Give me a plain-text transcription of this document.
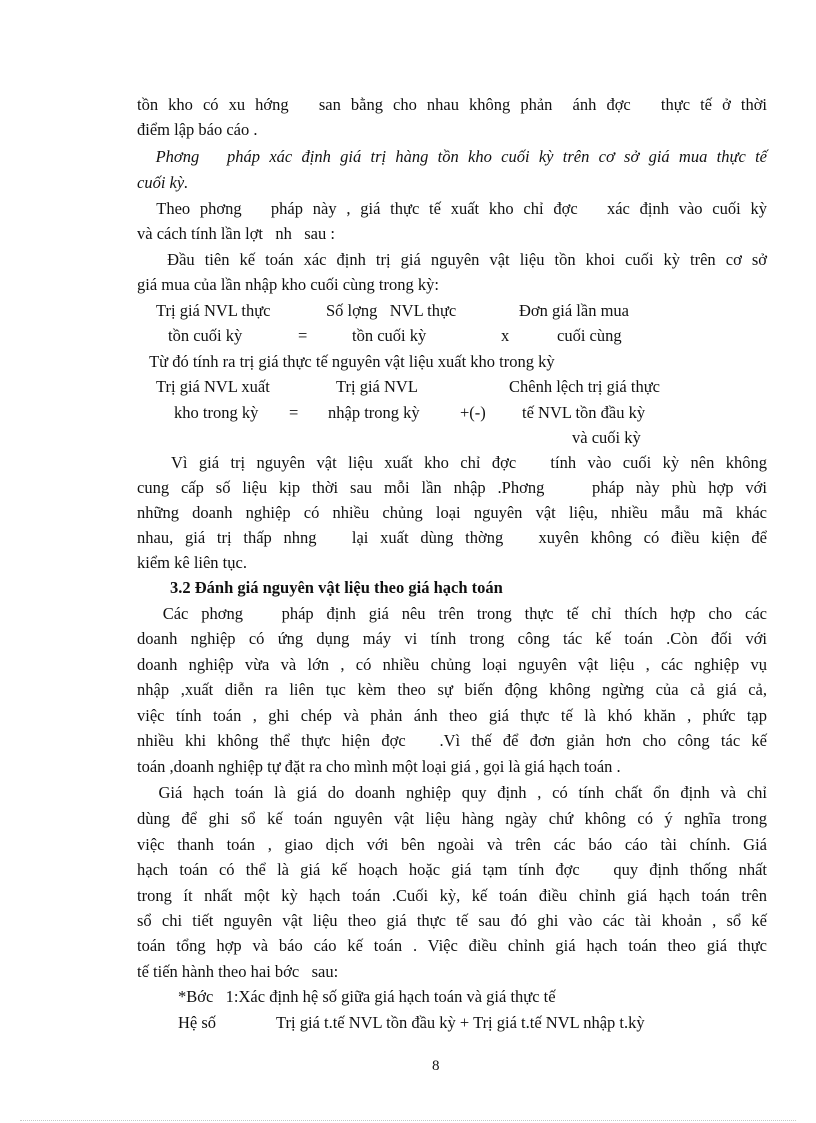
tồn kho có xu hớng   san bằng cho nhau không phản  ánh đợc   thực tế ở thời
điểm lập báo cáo .
Phơng   pháp xác định giá trị hàng tồn kho cuối kỳ trên cơ sở giá mua thực tế
cuối kỳ.
Theo phơng   pháp này , giá thực tế xuất kho chỉ đợc   xác định vào cuối kỳ
và cách tính lần lợt   nh   sau :
Đầu tiên kế toán xác định trị giá nguyên vật liệu tồn khoi cuối kỳ trên cơ sở
giá mua của lần nhập kho cuối cùng trong kỳ:

Trị giá NVL thực

	Số lợng   NVL thực

	Đơn giá lần mua

tồn cuối kỳ

	=

	tồn cuối kỳ

	x

	cuối cùng

Từ đó tính ra trị giá thực tế nguyên vật liệu xuất kho trong kỳ

Trị giá NVL xuất

	Trị giá NVL

	Chênh lệch trị giá thực

kho trong kỳ

=

nhập trong kỳ

+(-)

tế NVL tồn đầu kỳ

và cuối kỳ

Vì giá trị nguyên vật liệu xuất kho chỉ đợc   tính vào cuối kỳ nên không
cung cấp số liệu kịp thời sau mỗi lần nhập .Phơng    pháp này phù hợp với
những doanh nghiệp có nhiều chủng loại nguyên vật liệu, nhiều mẫu mã khác
nhau, giá trị thấp nhng   lại xuất dùng thờng   xuyên không có điều kiện để
kiểm kê liên tục.
3.2 Đánh giá nguyên vật liệu theo giá hạch toán
Các phơng   pháp định giá nêu trên trong thực tế chỉ thích hợp cho các
doanh nghiệp có ứng dụng máy vi tính trong công tác kế toán .Còn đối với
doanh nghiệp vừa và lớn , có nhiều chủng loại nguyên vật liệu , các nghiệp vụ
nhập ,xuất diễn ra liên tục kèm theo sự biến động không ngừng của cả giá cả,
việc tính toán , ghi chép và phản ánh theo giá thực tế là khó khăn , phức tạp
nhiều khi không thể thực hiện đợc   .Vì thế để đơn giản hơn cho công tác kế
toán ,doanh nghiệp tự đặt ra cho mình một loại giá , gọi là giá hạch toán .
Giá hạch toán là giá do doanh nghiệp quy định , có tính chất ổn định và chỉ
dùng để ghi sổ kế toán nguyên vật liệu hàng ngày chứ không có ý nghĩa trong
việc thanh toán , giao dịch với bên ngoài và trên các báo cáo tài chính. Giá
hạch toán có thể là giá kế hoạch hoặc giá tạm tính đợc   quy định thống nhất
trong ít nhất một kỳ hạch toán .Cuối kỳ, kế toán điều chỉnh giá hạch toán trên
sổ chi tiết nguyên vật liệu theo giá thực tế sau đó ghi vào các tài khoản , sổ kế
toán tổng hợp và báo cáo kế toán . Việc điều chỉnh giá hạch toán theo giá thực
tế tiến hành theo hai bớc   sau:
*Bớc   1:Xác định hệ số giữa giá hạch toán và giá thực tế

Hệ số

	Trị giá t.tế NVL tồn đầu kỳ + Trị giá t.tế NVL nhập t.kỳ

8
